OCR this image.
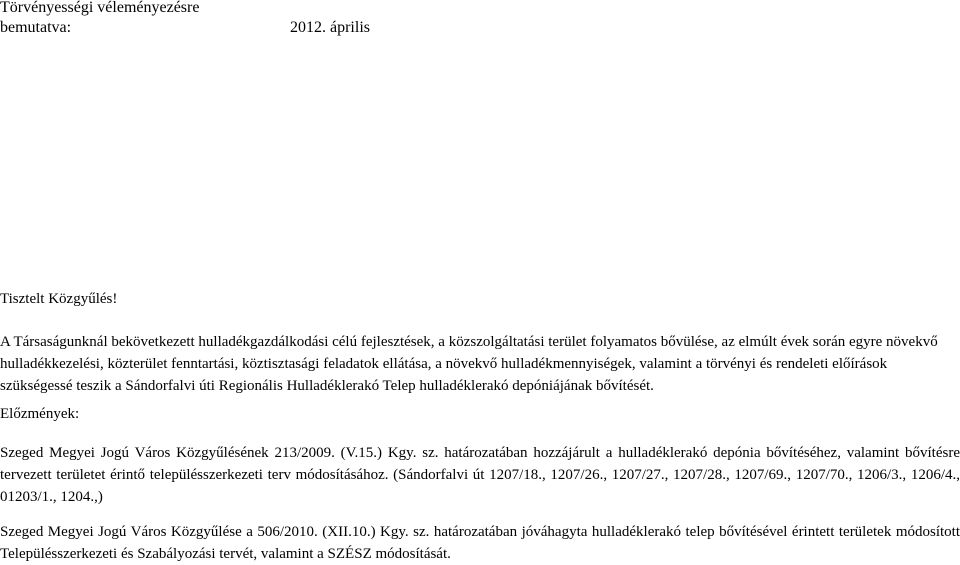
Törvényességi véleményezésre
bemutatva:	2012. április
Tisztelt Közgyűlés!

A Társaságunknál bekövetkezett hulladékgazdálkodási célú fejlesztések, a közszolgáltatási terület folyamatos bővülése, az elmúlt évek során egyre növekvő hulladékkezelési, közterület fenntartási, köztisztasági feladatok ellátása, a növekvő hulladékmennyiségek, valamint a törvényi és rendeleti előírások szükségessé teszik a Sándorfalvi úti Regionális Hulladéklerakó Telep hulladéklerakó depóniájának bővítését.

Előzmények:

Szeged Megyei Jogú Város Közgyűlésének 213/2009. (V.15.) Kgy. sz. határozatában hozzájárult a hulladéklerakó depónia bővítéséhez, valamint bővítésre tervezett területet érintő településszerkezeti terv módosításához. (Sándorfalvi út 1207/18., 1207/26., 1207/27., 1207/28., 1207/69., 1207/70., 1206/3., 1206/4., 01203/1., 1204.,)

Szeged Megyei Jogú Város Közgyűlése a 506/2010. (XII.10.) Kgy. sz. határozatában jóváhagyta hulladéklerakó telep bővítésével érintett területek módosított Településszerkezeti és Szabályozási tervét, valamint a SZÉSZ módosítását.
